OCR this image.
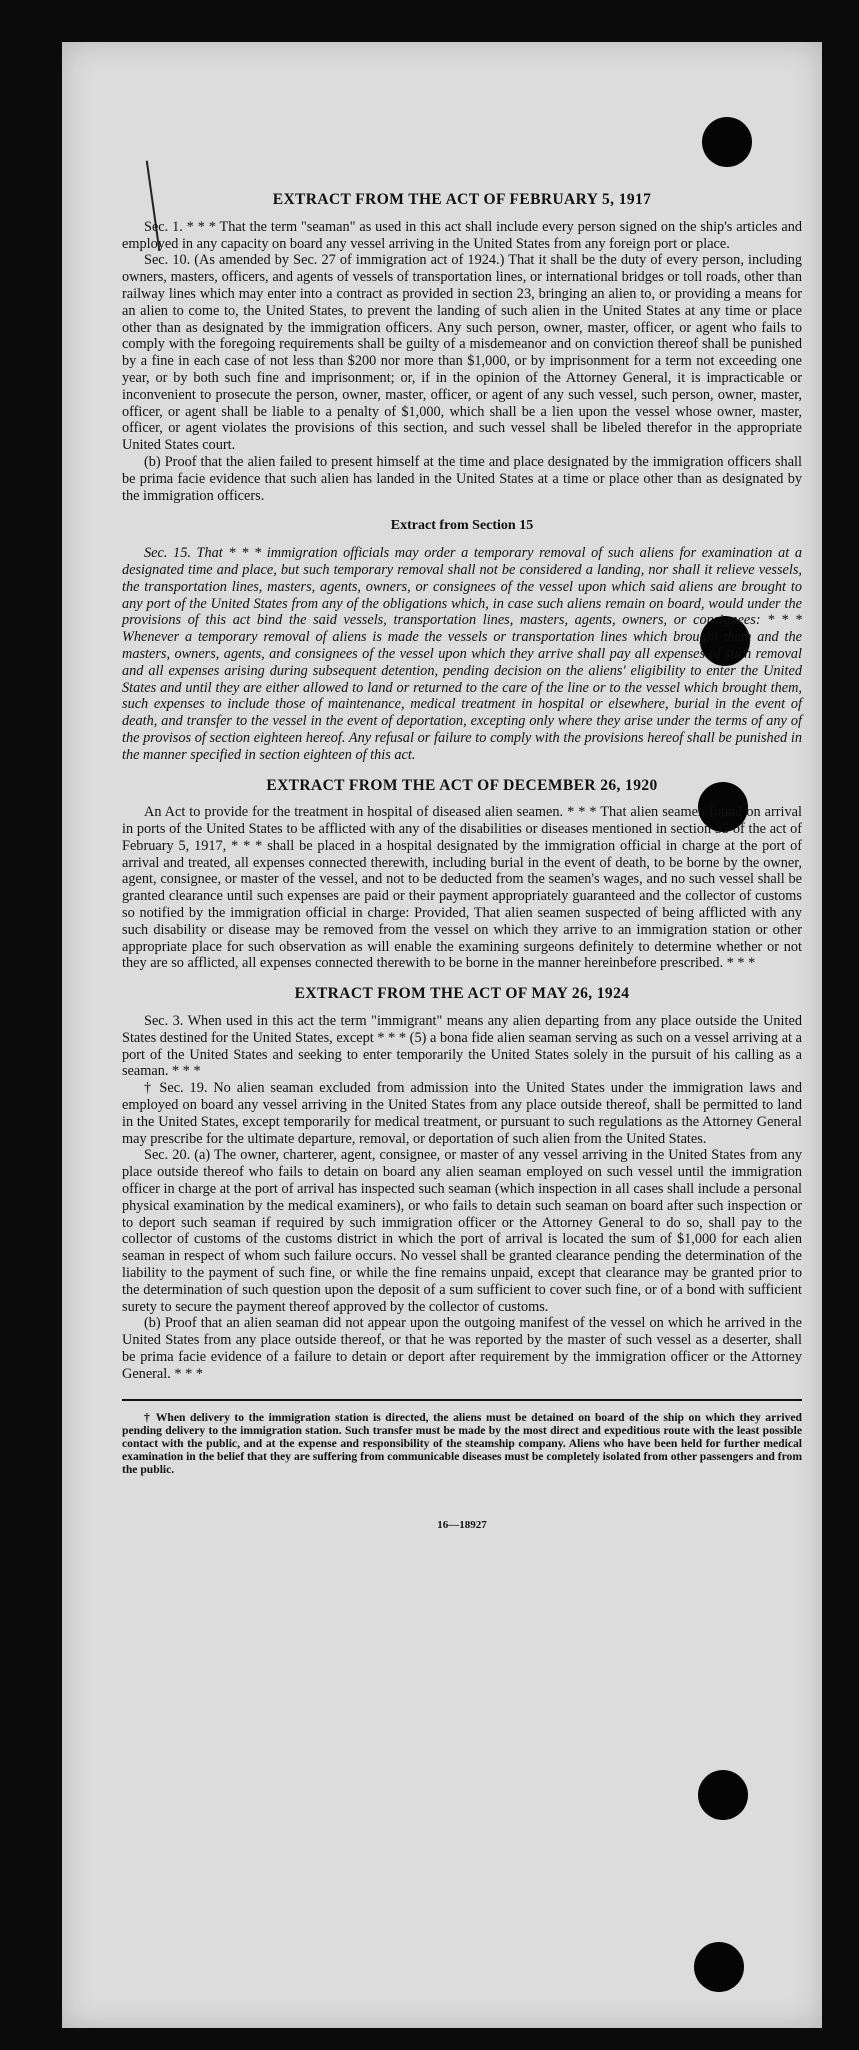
EXTRACT FROM THE ACT OF FEBRUARY 5, 1917

Sec. 1. * * * That the term "seaman" as used in this act shall include every person signed on the ship's articles and employed in any capacity on board any vessel arriving in the United States from any foreign port or place.

Sec. 10. (As amended by Sec. 27 of immigration act of 1924.) That it shall be the duty of every person, including owners, masters, officers, and agents of vessels of transportation lines, or international bridges or toll roads, other than railway lines which may enter into a contract as provided in section 23, bringing an alien to, or providing a means for an alien to come to, the United States, to prevent the landing of such alien in the United States at any time or place other than as designated by the immigration officers. Any such person, owner, master, officer, or agent who fails to comply with the foregoing requirements shall be guilty of a misdemeanor and on conviction thereof shall be punished by a fine in each case of not less than $200 nor more than $1,000, or by imprisonment for a term not exceeding one year, or by both such fine and imprisonment; or, if in the opinion of the Attorney General, it is impracticable or inconvenient to prosecute the person, owner, master, officer, or agent of any such vessel, such person, owner, master, officer, or agent shall be liable to a penalty of $1,000, which shall be a lien upon the vessel whose owner, master, officer, or agent violates the provisions of this section, and such vessel shall be libeled therefor in the appropriate United States court.

(b) Proof that the alien failed to present himself at the time and place designated by the immigration officers shall be prima facie evidence that such alien has landed in the United States at a time or place other than as designated by the immigration officers.

Extract from Section 15

Sec. 15. That * * * immigration officials may order a temporary removal of such aliens for examination at a designated time and place, but such temporary removal shall not be considered a landing, nor shall it relieve vessels, the transportation lines, masters, agents, owners, or consignees of the vessel upon which said aliens are brought to any port of the United States from any of the obligations which, in case such aliens remain on board, would under the provisions of this act bind the said vessels, transportation lines, masters, agents, owners, or consignees: * * * Whenever a temporary removal of aliens is made the vessels or transportation lines which brought them and the masters, owners, agents, and consignees of the vessel upon which they arrive shall pay all expenses of such removal and all expenses arising during subsequent detention, pending decision on the aliens' eligibility to enter the United States and until they are either allowed to land or returned to the care of the line or to the vessel which brought them, such expenses to include those of maintenance, medical treatment in hospital or elsewhere, burial in the event of death, and transfer to the vessel in the event of deportation, excepting only where they arise under the terms of any of the provisos of section eighteen hereof. Any refusal or failure to comply with the provisions hereof shall be punished in the manner specified in section eighteen of this act.

EXTRACT FROM THE ACT OF DECEMBER 26, 1920

An Act to provide for the treatment in hospital of diseased alien seamen. * * * That alien seamen found on arrival in ports of the United States to be afflicted with any of the disabilities or diseases mentioned in section 35 of the act of February 5, 1917, * * * shall be placed in a hospital designated by the immigration official in charge at the port of arrival and treated, all expenses connected therewith, including burial in the event of death, to be borne by the owner, agent, consignee, or master of the vessel, and not to be deducted from the seamen's wages, and no such vessel shall be granted clearance until such expenses are paid or their payment appropriately guaranteed and the collector of customs so notified by the immigration official in charge: Provided, That alien seamen suspected of being afflicted with any such disability or disease may be removed from the vessel on which they arrive to an immigration station or other appropriate place for such observation as will enable the examining surgeons definitely to determine whether or not they are so afflicted, all expenses connected therewith to be borne in the manner hereinbefore prescribed. * * *

EXTRACT FROM THE ACT OF MAY 26, 1924

Sec. 3. When used in this act the term "immigrant" means any alien departing from any place outside the United States destined for the United States, except * * * (5) a bona fide alien seaman serving as such on a vessel arriving at a port of the United States and seeking to enter temporarily the United States solely in the pursuit of his calling as a seaman. * * *

† Sec. 19. No alien seaman excluded from admission into the United States under the immigration laws and employed on board any vessel arriving in the United States from any place outside thereof, shall be permitted to land in the United States, except temporarily for medical treatment, or pursuant to such regulations as the Attorney General may prescribe for the ultimate departure, removal, or deportation of such alien from the United States.

Sec. 20. (a) The owner, charterer, agent, consignee, or master of any vessel arriving in the United States from any place outside thereof who fails to detain on board any alien seaman employed on such vessel until the immigration officer in charge at the port of arrival has inspected such seaman (which inspection in all cases shall include a personal physical examination by the medical examiners), or who fails to detain such seaman on board after such inspection or to deport such seaman if required by such immigration officer or the Attorney General to do so, shall pay to the collector of customs of the customs district in which the port of arrival is located the sum of $1,000 for each alien seaman in respect of whom such failure occurs. No vessel shall be granted clearance pending the determination of the liability to the payment of such fine, or while the fine remains unpaid, except that clearance may be granted prior to the determination of such question upon the deposit of a sum sufficient to cover such fine, or of a bond with sufficient surety to secure the payment thereof approved by the collector of customs.

(b) Proof that an alien seaman did not appear upon the outgoing manifest of the vessel on which he arrived in the United States from any place outside thereof, or that he was reported by the master of such vessel as a deserter, shall be prima facie evidence of a failure to detain or deport after requirement by the immigration officer or the Attorney General. * * *

† When delivery to the immigration station is directed, the aliens must be detained on board of the ship on which they arrived pending delivery to the immigration station. Such transfer must be made by the most direct and expeditious route with the least possible contact with the public, and at the expense and responsibility of the steamship company. Aliens who have been held for further medical examination in the belief that they are suffering from communicable diseases must be completely isolated from other passengers and from the public.

16—18927
